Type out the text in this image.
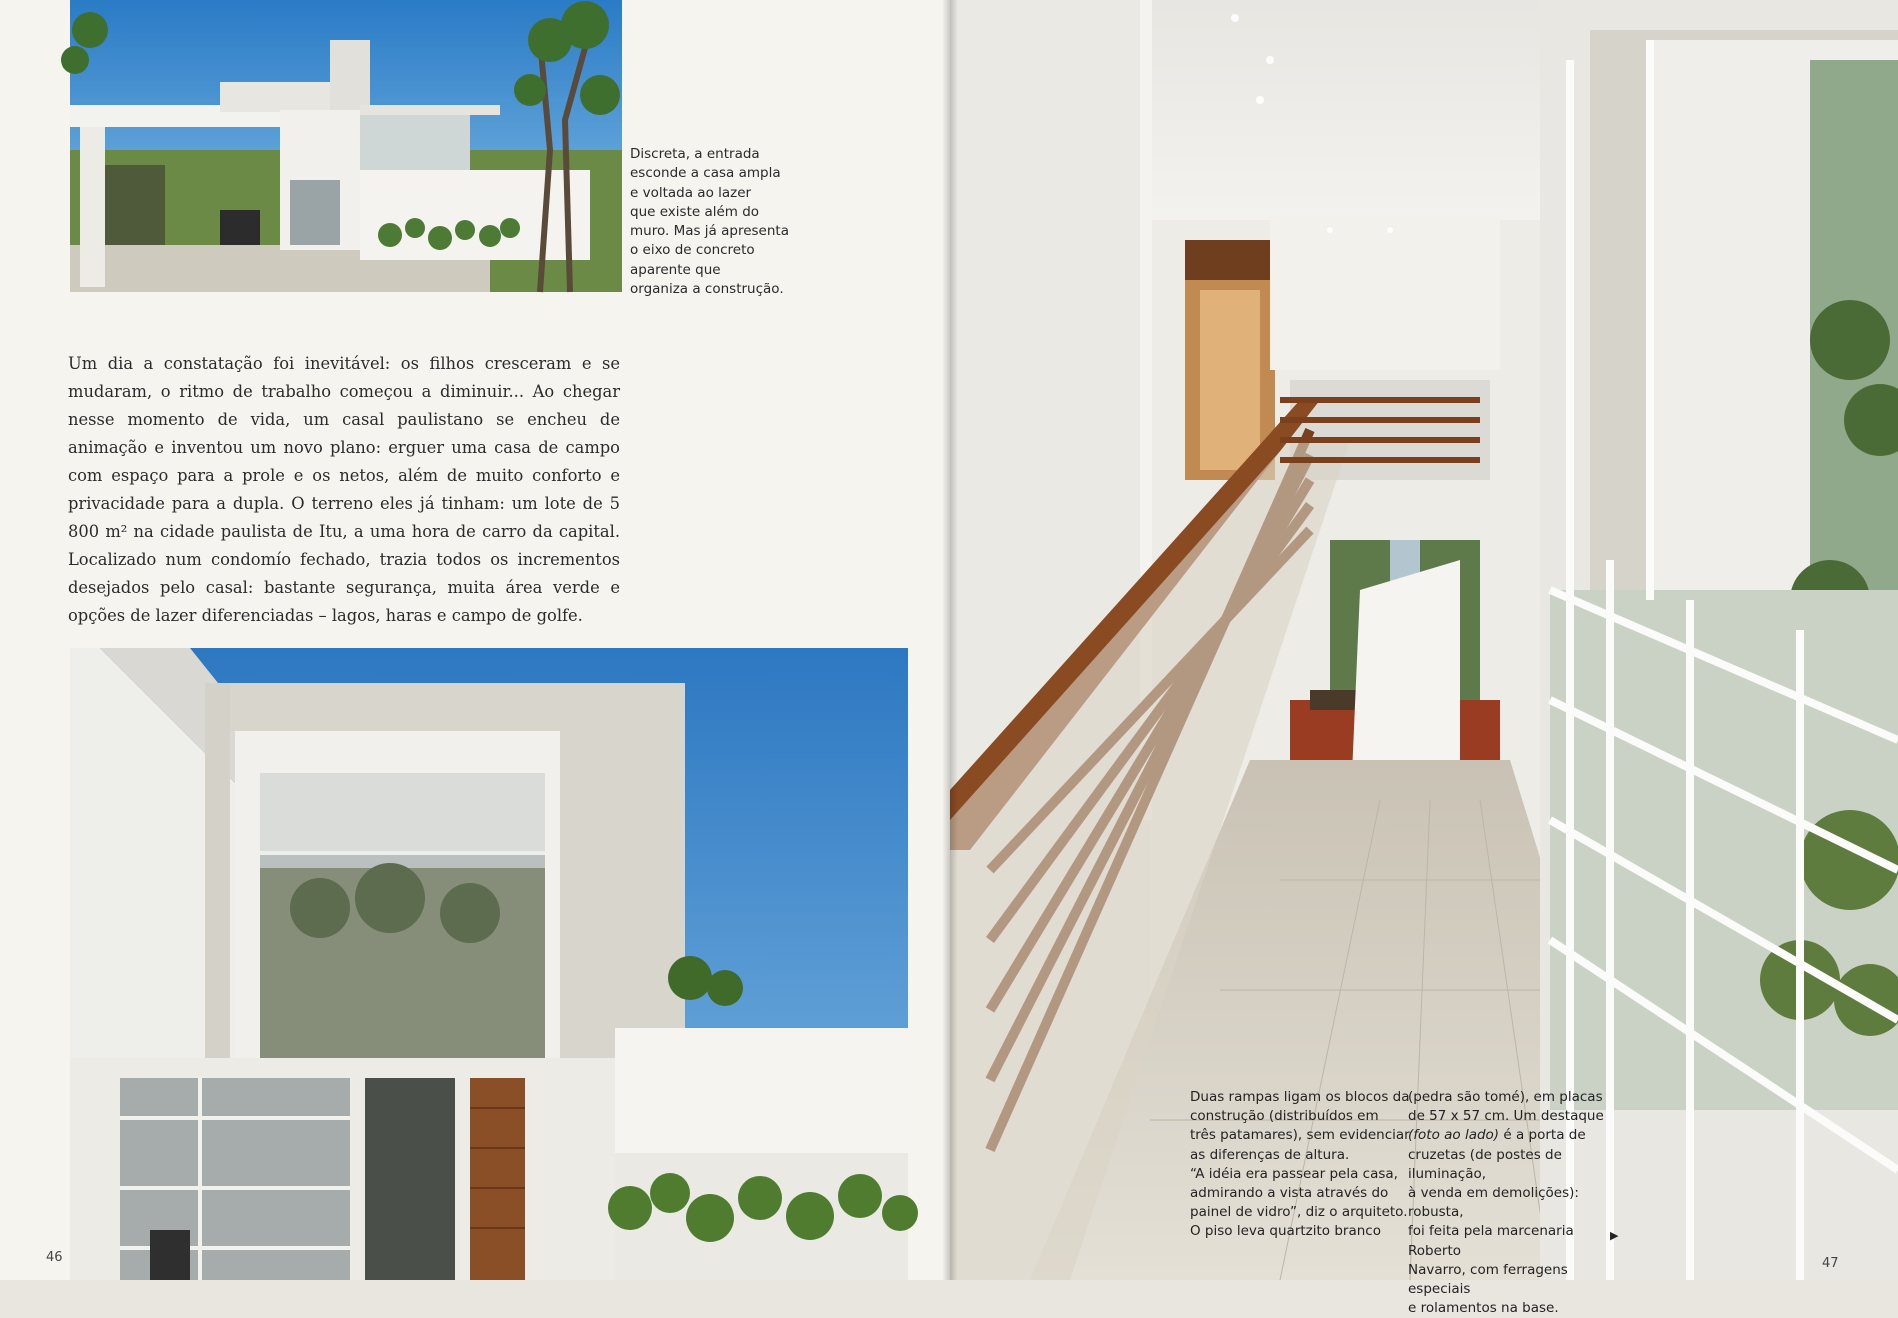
Discreta, a entrada
esconde a casa ampla
e voltada ao lazer
que existe além do
muro. Mas já apresenta
o eixo de concreto
aparente que
organiza a construção.

Um dia a constatação foi inevitável: os filhos cresceram e se mudaram, o ritmo de trabalho começou a diminuir... Ao chegar nesse momento de vida, um casal paulistano se encheu de animação e inventou um novo plano: erguer uma casa de campo com espaço para a prole e os netos, além de muito conforto e privacidade para a dupla. O terreno eles já tinham: um lote de 5 800 m² na cidade paulista de Itu, a uma hora de carro da capital. Localizado num condomío fechado, trazia todos os incrementos desejados pelo casal: bastante segurança, muita área verde e opções de lazer diferenciadas – lagos, haras e campo de golfe.

46
Duas rampas ligam os blocos da
construção (distribuídos em
três patamares), sem evidenciar
as diferenças de altura.
“A idéia era passear pela casa,
admirando a vista através do
painel de vidro”, diz o arquiteto.
O piso leva quartzito branco
(pedra são tomé), em placas
de 57 x 57 cm. Um destaque
(foto ao lado) é a porta de
cruzetas (de postes de iluminação,
à venda em demolições): robusta,
foi feita pela marcenaria Roberto
Navarro, com ferragens especiais
e rolamentos na base.
▶
47
